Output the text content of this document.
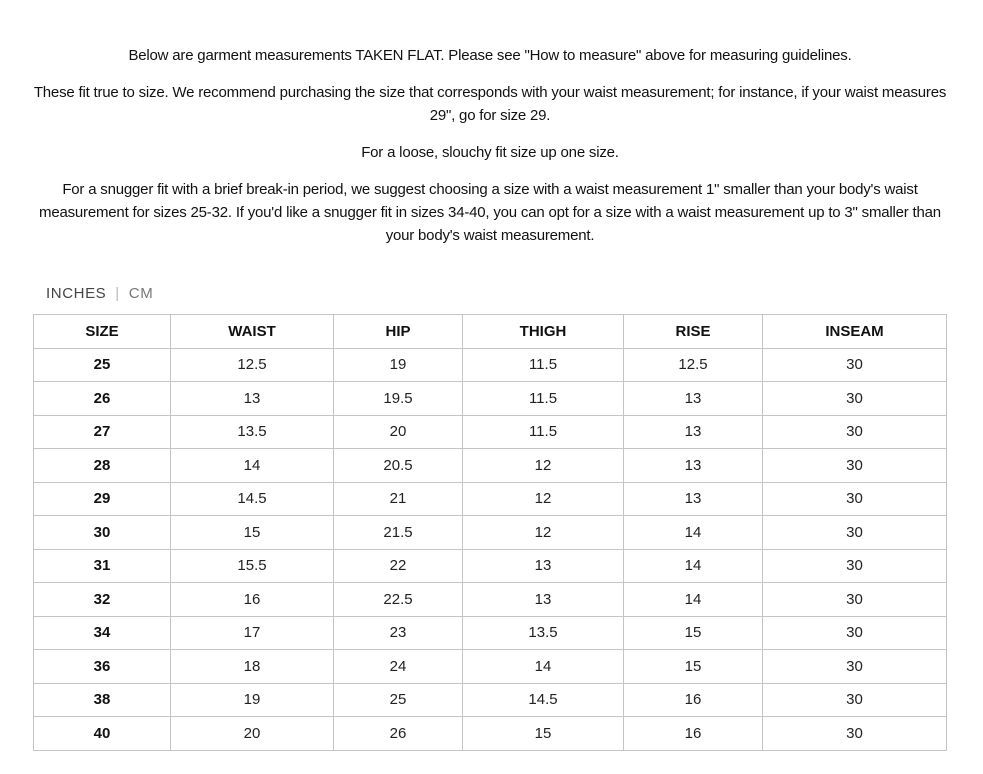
Below are garment measurements TAKEN FLAT. Please see "How to measure" above for measuring guidelines.

These fit true to size. We recommend purchasing the size that corresponds with your waist measurement; for instance, if your waist measures 29", go for size 29.

For a loose, slouchy fit size up one size.

For a snugger fit with a brief break-in period, we suggest choosing a size with a waist measurement 1" smaller than your body's waist measurement for sizes 25-32. If you'd like a snugger fit in sizes 34-40, you can opt for a size with a waist measurement up to 3" smaller than your body's waist measurement.

INCHES | CM
SIZE	WAIST	HIP	THIGH	RISE	INSEAM
25	12.5	19	11.5	12.5	30
26	13	19.5	11.5	13	30
27	13.5	20	11.5	13	30
28	14	20.5	12	13	30
29	14.5	21	12	13	30
30	15	21.5	12	14	30
31	15.5	22	13	14	30
32	16	22.5	13	14	30
34	17	23	13.5	15	30
36	18	24	14	15	30
38	19	25	14.5	16	30
40	20	26	15	16	30
